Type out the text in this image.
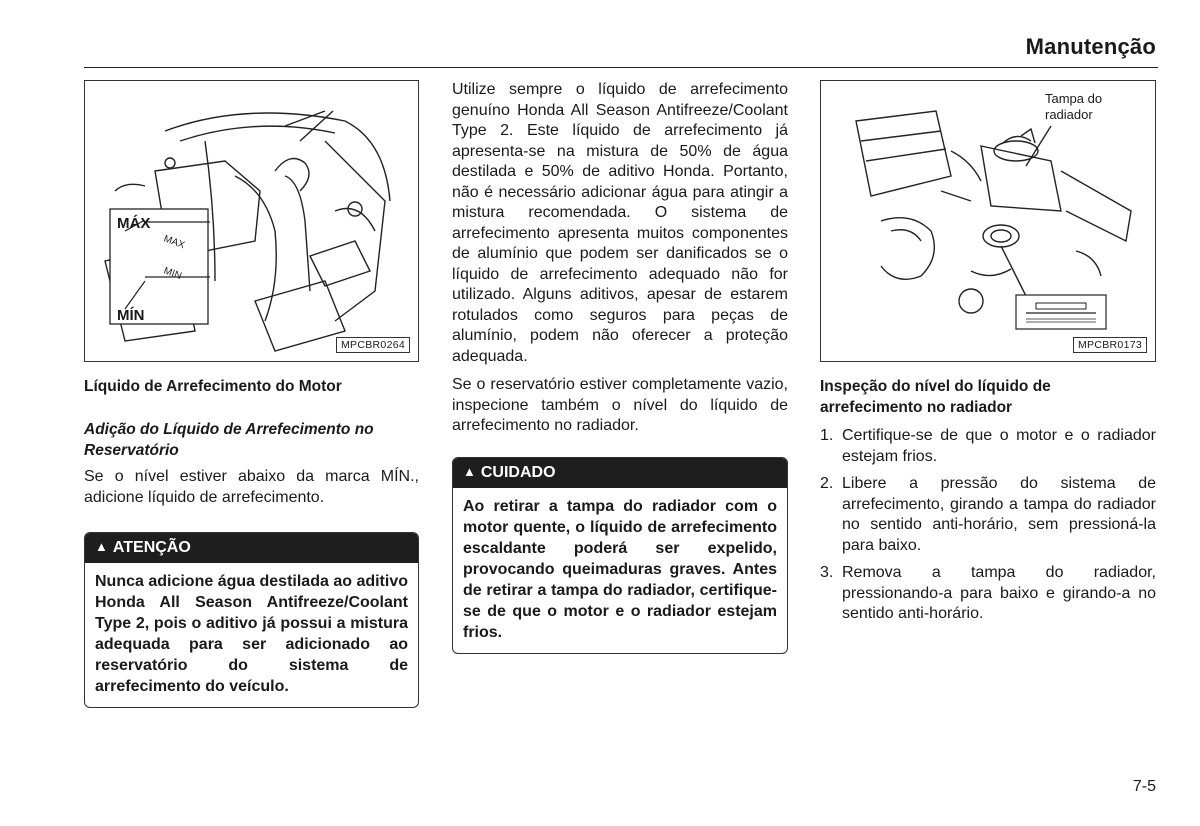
Manutenção
MAX
MIN
MÁX
MÍN
MPCBR0264
Líquido de Arrefecimento do Motor
Adição do Líquido de Arrefecimento no Reservatório
Se o nível estiver abaixo da marca MÍN., adicione líquido de arrefecimento.
▲ ATENÇÃO
Nunca adicione água destilada ao aditivo Honda All Season Antifreeze/Coolant Type 2, pois o aditivo já possui a mistura adequada para ser adicionado ao reservatório do sistema de arrefecimento do veículo.
Utilize sempre o líquido de arrefecimento genuíno Honda All Season Antifreeze/Coolant Type 2. Este líquido de arrefecimento já apresenta-se na mistura de 50% de água destilada e 50% de aditivo Honda. Portanto, não é necessário adicionar água para atingir a mistura recomendada. O sistema de arrefecimento apresenta muitos componentes de alumínio que podem ser danificados se o líquido de arrefecimento adequado não for utilizado. Alguns aditivos, apesar de estarem rotulados como seguros para peças de alumínio, podem não oferecer a proteção adequada.
Se o reservatório estiver completamente vazio, inspecione também o nível do líquido de arrefecimento no radiador.
▲ CUIDADO
Ao retirar a tampa do radiador com o motor quente, o líquido de arrefecimento escaldante poderá ser expelido, provocando queimaduras graves. Antes de retirar a tampa do radiador, certifique-se de que o motor e o radiador estejam frios.
Tampa do radiador
MPCBR0173
Inspeção do nível do líquido de arrefecimento no radiador
1. Certifique-se de que o motor e o radiador estejam frios.
2. Libere a pressão do sistema de arrefecimento, girando a tampa do radiador no sentido anti-horário, sem pressioná-la para baixo.
3. Remova a tampa do radiador, pressionando-a para baixo e girando-a no sentido anti-horário.
7-5
